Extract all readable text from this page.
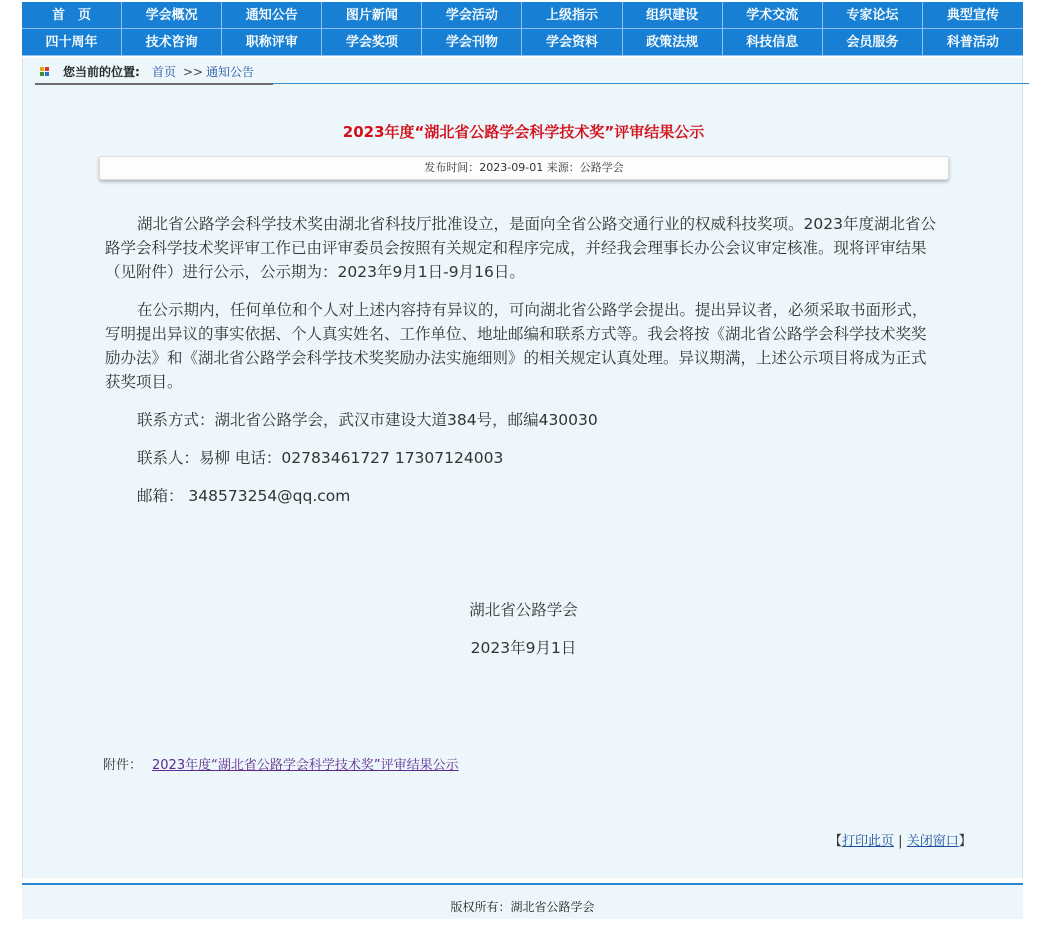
首　页	学会概况	通知公告	图片新闻	学会活动	上级指示	组织建设	学术交流	专家论坛	典型宣传
四十周年	技术咨询	职称评审	学会奖项	学会刊物	学会资料	政策法规	科技信息	会员服务	科普活动
您当前的位置: 首页 >> 通知公告
2023年度“湖北省公路学会科学技术奖”评审结果公示
发布时间：2023-09-01 来源：公路学会

湖北省公路学会科学技术奖由湖北省科技厅批准设立，是面向全省公路交通行业的权威科技奖项。2023年度湖北省公路学会科学技术奖评审工作已由评审委员会按照有关规定和程序完成，并经我会理事长办公会议审定核准。现将评审结果（见附件）进行公示，公示期为：2023年9月1日-9月16日。

在公示期内，任何单位和个人对上述内容持有异议的，可向湖北省公路学会提出。提出异议者，必须采取书面形式，写明提出异议的事实依据、个人真实姓名、工作单位、地址邮编和联系方式等。我会将按《湖北省公路学会科学技术奖奖励办法》和《湖北省公路学会科学技术奖奖励办法实施细则》的相关规定认真处理。异议期满，上述公示项目将成为正式获奖项目。

联系方式：湖北省公路学会，武汉市建设大道384号，邮编430030

联系人：易柳 电话：02783461727 17307124003

邮箱： 348573254@qq.com

湖北省公路学会
2023年9月1日
附件： 2023年度“湖北省公路学会科学技术奖”评审结果公示
【打印此页 | 关闭窗口】
版权所有：湖北省公路学会
